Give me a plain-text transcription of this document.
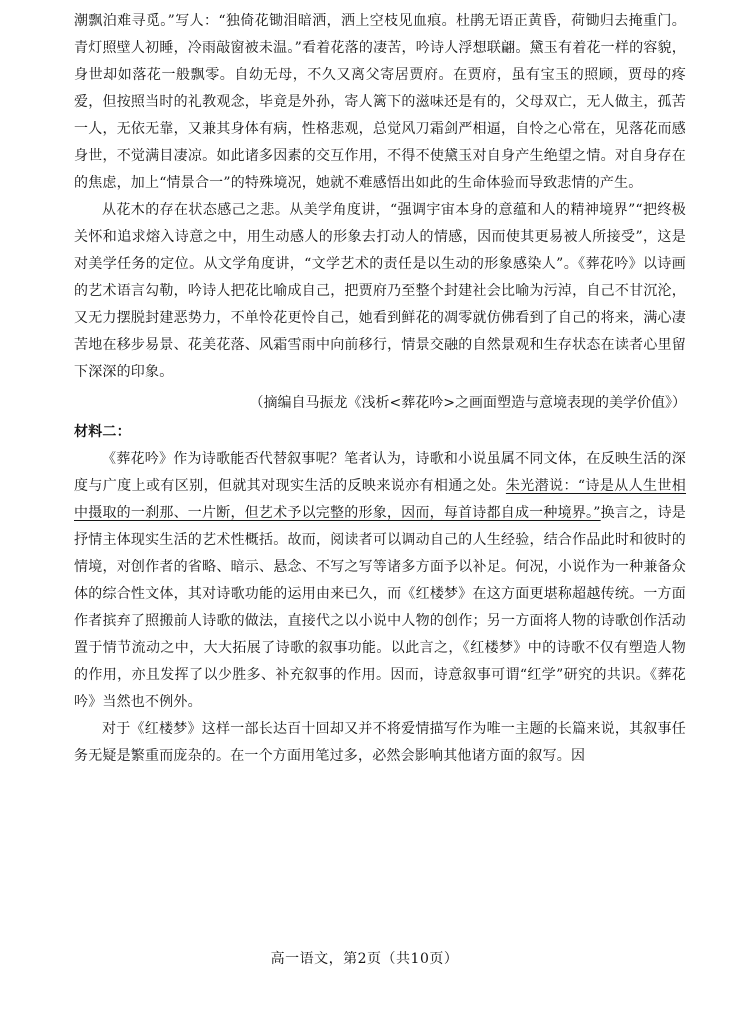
潮飘泊难寻觅。”写人：“独倚花锄泪暗洒，洒上空枝见血痕。杜鹃无语正黄昏，荷锄归去掩重门。青灯照壁人初睡，冷雨敲窗被未温。”看着花落的凄苦，吟诗人浮想联翩。黛玉有着花一样的容貌，身世却如落花一般飘零。自幼无母，不久又离父寄居贾府。在贾府，虽有宝玉的照顾，贾母的疼爱，但按照当时的礼教观念，毕竟是外孙，寄人篱下的滋味还是有的，父母双亡，无人做主，孤苦一人，无依无靠，又兼其身体有病，性格悲观，总觉风刀霜剑严相逼，自怜之心常在，见落花而感身世，不觉满目凄凉。如此诸多因素的交互作用，不得不使黛玉对自身产生绝望之情。对自身存在的焦虑，加上“情景合一”的特殊境况，她就不难感悟出如此的生命体验而导致悲情的产生。

从花木的存在状态感己之悲。从美学角度讲，“强调宇宙本身的意蕴和人的精神境界”“把终极关怀和追求熔入诗意之中，用生动感人的形象去打动人的情感，因而使其更易被人所接受”，这是对美学任务的定位。从文学角度讲，“文学艺术的责任是以生动的形象感染人”。《葬花吟》以诗画的艺术语言勾勒，吟诗人把花比喻成自己，把贾府乃至整个封建社会比喻为污淖，自己不甘沉沦，又无力摆脱封建恶势力，不单怜花更怜自己，她看到鲜花的凋零就仿佛看到了自己的将来，满心凄苦地在移步易景、花美花落、风霜雪雨中向前移行，情景交融的自然景观和生存状态在读者心里留下深深的印象。

（摘编自马振龙《浅析<葬花吟>之画面塑造与意境表现的美学价值》）

材料二：

《葬花吟》作为诗歌能否代替叙事呢？笔者认为，诗歌和小说虽属不同文体，在反映生活的深度与广度上或有区别，但就其对现实生活的反映来说亦有相通之处。朱光潜说：“诗是从人生世相中摄取的一刹那、一片断，但艺术予以完整的形象，因而，每首诗都自成一种境界。”换言之，诗是抒情主体现实生活的艺术性概括。故而，阅读者可以调动自己的人生经验，结合作品此时和彼时的情境，对创作者的省略、暗示、悬念、不写之写等诸多方面予以补足。何况，小说作为一种兼备众体的综合性文体，其对诗歌功能的运用由来已久，而《红楼梦》在这方面更堪称超越传统。一方面作者摈弃了照搬前人诗歌的做法，直接代之以小说中人物的创作；另一方面将人物的诗歌创作活动置于情节流动之中，大大拓展了诗歌的叙事功能。以此言之，《红楼梦》中的诗歌不仅有塑造人物的作用，亦且发挥了以少胜多、补充叙事的作用。因而，诗意叙事可谓“红学”研究的共识。《葬花吟》当然也不例外。

对于《红楼梦》这样一部长达百十回却又并不将爱情描写作为唯一主题的长篇来说，其叙事任务无疑是繁重而庞杂的。在一个方面用笔过多，必然会影响其他诸方面的叙写。因

高一语文，第2页（共10页）
